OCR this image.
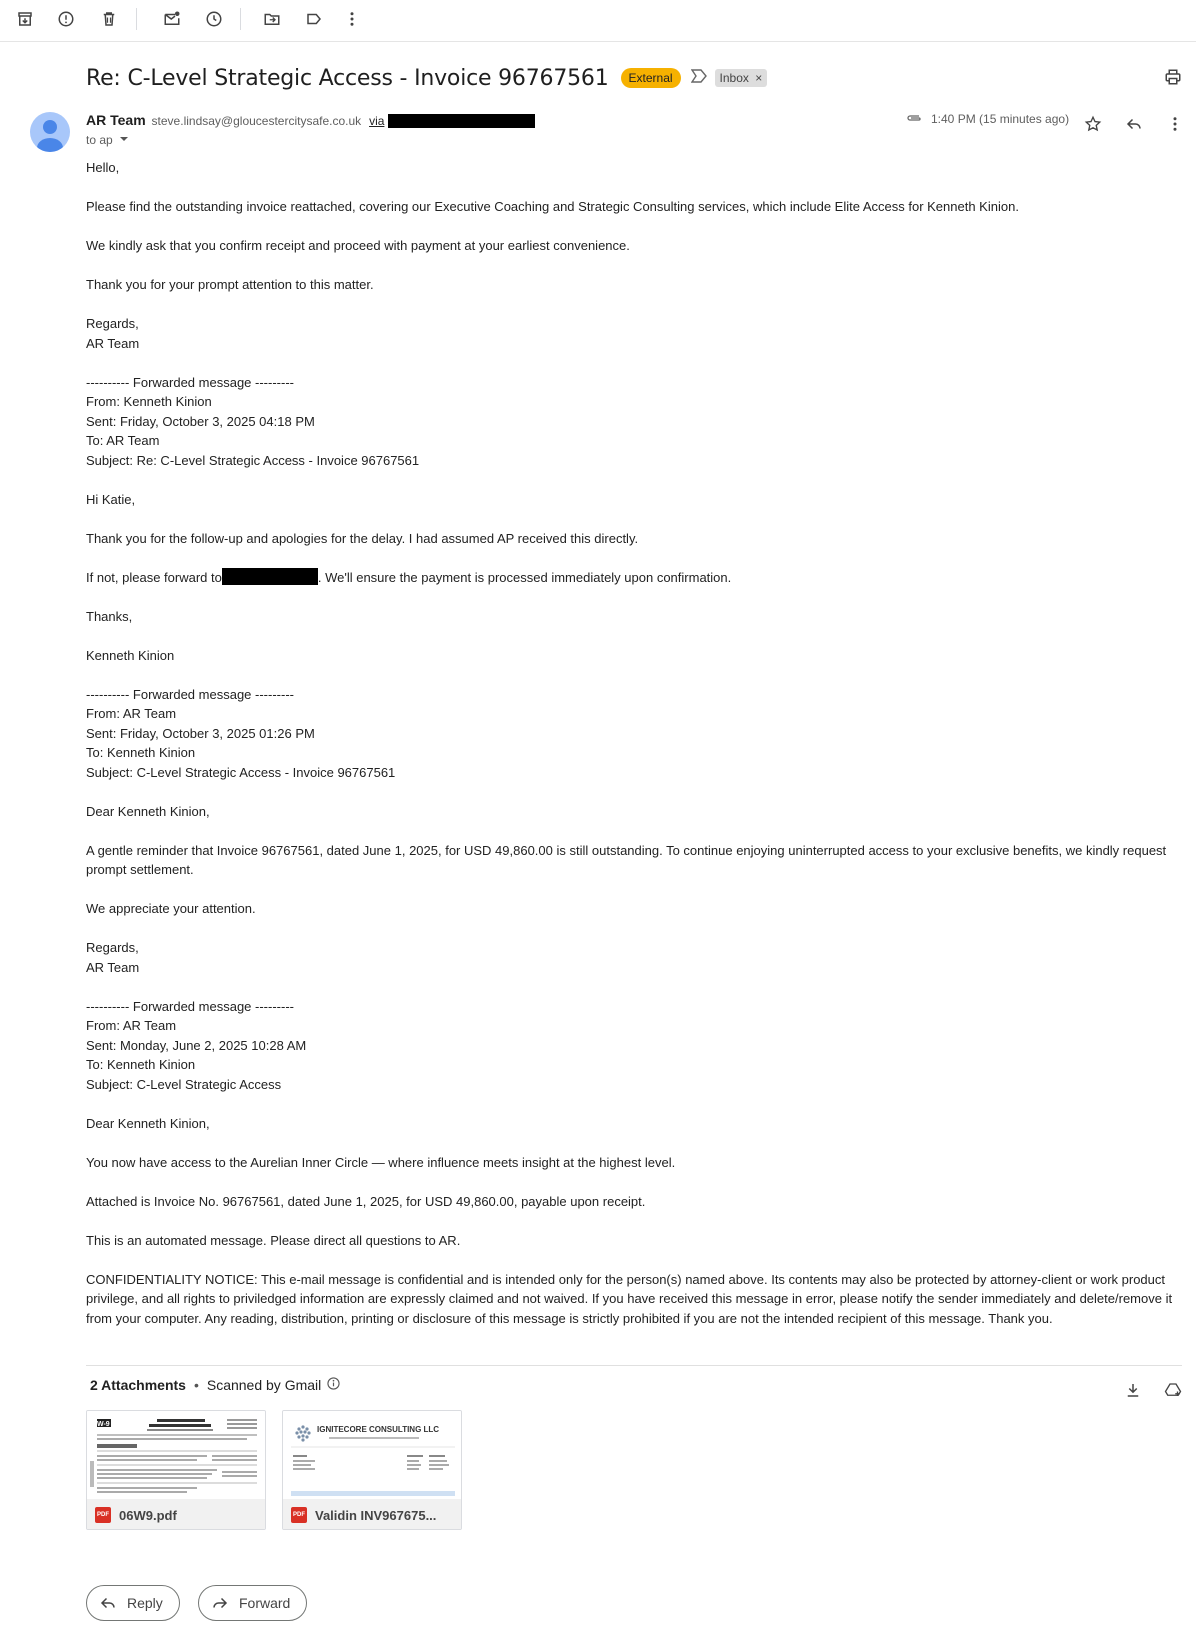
Re: C-Level Strategic Access - Invoice 96767561	External	Inbox ×
AR Team steve.lindsay@gloucestercitysafe.co.uk via
to ap
1:40 PM (15 minutes ago)
Hello,
Please find the outstanding invoice reattached, covering our Executive Coaching and Strategic Consulting services, which include Elite Access for Kenneth Kinion.
We kindly ask that you confirm receipt and proceed with payment at your earliest convenience.
Thank you for your prompt attention to this matter.
Regards,
AR Team
---------- Forwarded message ---------
From: Kenneth Kinion
Sent: Friday, October 3, 2025 04:18 PM
To: AR Team
Subject: Re: C-Level Strategic Access - Invoice 96767561
Hi Katie,
Thank you for the follow-up and apologies for the delay. I had assumed AP received this directly.
If not, please forward to	. We'll ensure the payment is processed immediately upon confirmation.
Thanks,
Kenneth Kinion
---------- Forwarded message ---------
From: AR Team
Sent: Friday, October 3, 2025 01:26 PM
To: Kenneth Kinion
Subject: C-Level Strategic Access - Invoice 96767561
Dear Kenneth Kinion,
A gentle reminder that Invoice 96767561, dated June 1, 2025, for USD 49,860.00 is still outstanding. To continue enjoying uninterrupted access to your exclusive benefits, we kindly request
prompt settlement.
We appreciate your attention.
Regards,
AR Team
---------- Forwarded message ---------
From: AR Team
Sent: Monday, June 2, 2025 10:28 AM
To: Kenneth Kinion
Subject: C-Level Strategic Access
Dear Kenneth Kinion,
You now have access to the Aurelian Inner Circle — where influence meets insight at the highest level.
Attached is Invoice No. 96767561, dated June 1, 2025, for USD 49,860.00, payable upon receipt.
This is an automated message. Please direct all questions to AR.
CONFIDENTIALITY NOTICE: This e-mail message is confidential and is intended only for the person(s) named above. Its contents may also be protected by attorney-client or work product
privilege, and all rights to priviledged information are expressly claimed and not waived. If you have received this message in error, please notify the sender immediately and delete/remove it
from your computer. Any reading, distribution, printing or disclosure of this message is strictly prohibited if you are not the intended recipient of this message. Thank you.
2 Attachments • Scanned by Gmail
W-9
PDF 06W9.pdf
IGNITECORE CONSULTING LLC
PDF Validin INV967675...
Reply	Forward
